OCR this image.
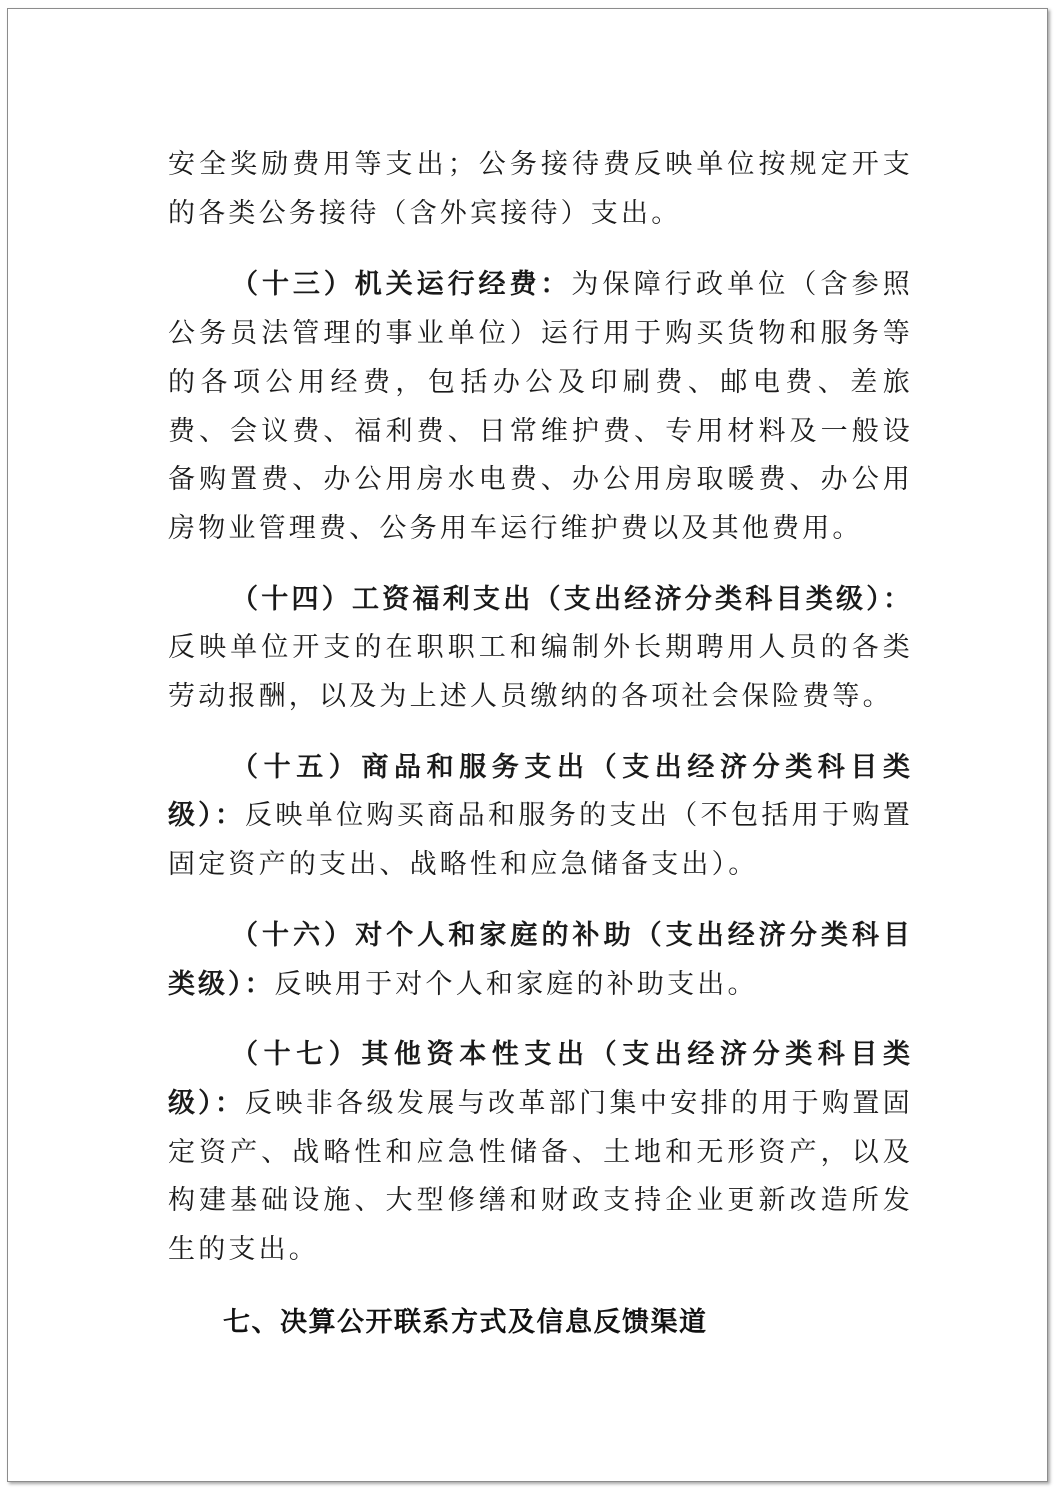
安全奖励费用等支出；公务接待费反映单位按规定开支的各类公务接待（含外宾接待）支出。

（十三）机关运行经费：为保障行政单位（含参照公务员法管理的事业单位）运行用于购买货物和服务等的各项公用经费，包括办公及印刷费、邮电费、差旅费、会议费、福利费、日常维护费、专用材料及一般设备购置费、办公用房水电费、办公用房取暖费、办公用房物业管理费、公务用车运行维护费以及其他费用。

（十四）工资福利支出（支出经济分类科目类级）：反映单位开支的在职职工和编制外长期聘用人员的各类劳动报酬，以及为上述人员缴纳的各项社会保险费等。

（十五）商品和服务支出（支出经济分类科目类级）：反映单位购买商品和服务的支出（不包括用于购置固定资产的支出、战略性和应急储备支出）。

（十六）对个人和家庭的补助（支出经济分类科目类级）：反映用于对个人和家庭的补助支出。

（十七）其他资本性支出（支出经济分类科目类级）：反映非各级发展与改革部门集中安排的用于购置固定资产、战略性和应急性储备、土地和无形资产，以及构建基础设施、大型修缮和财政支持企业更新改造所发生的支出。

七、决算公开联系方式及信息反馈渠道
